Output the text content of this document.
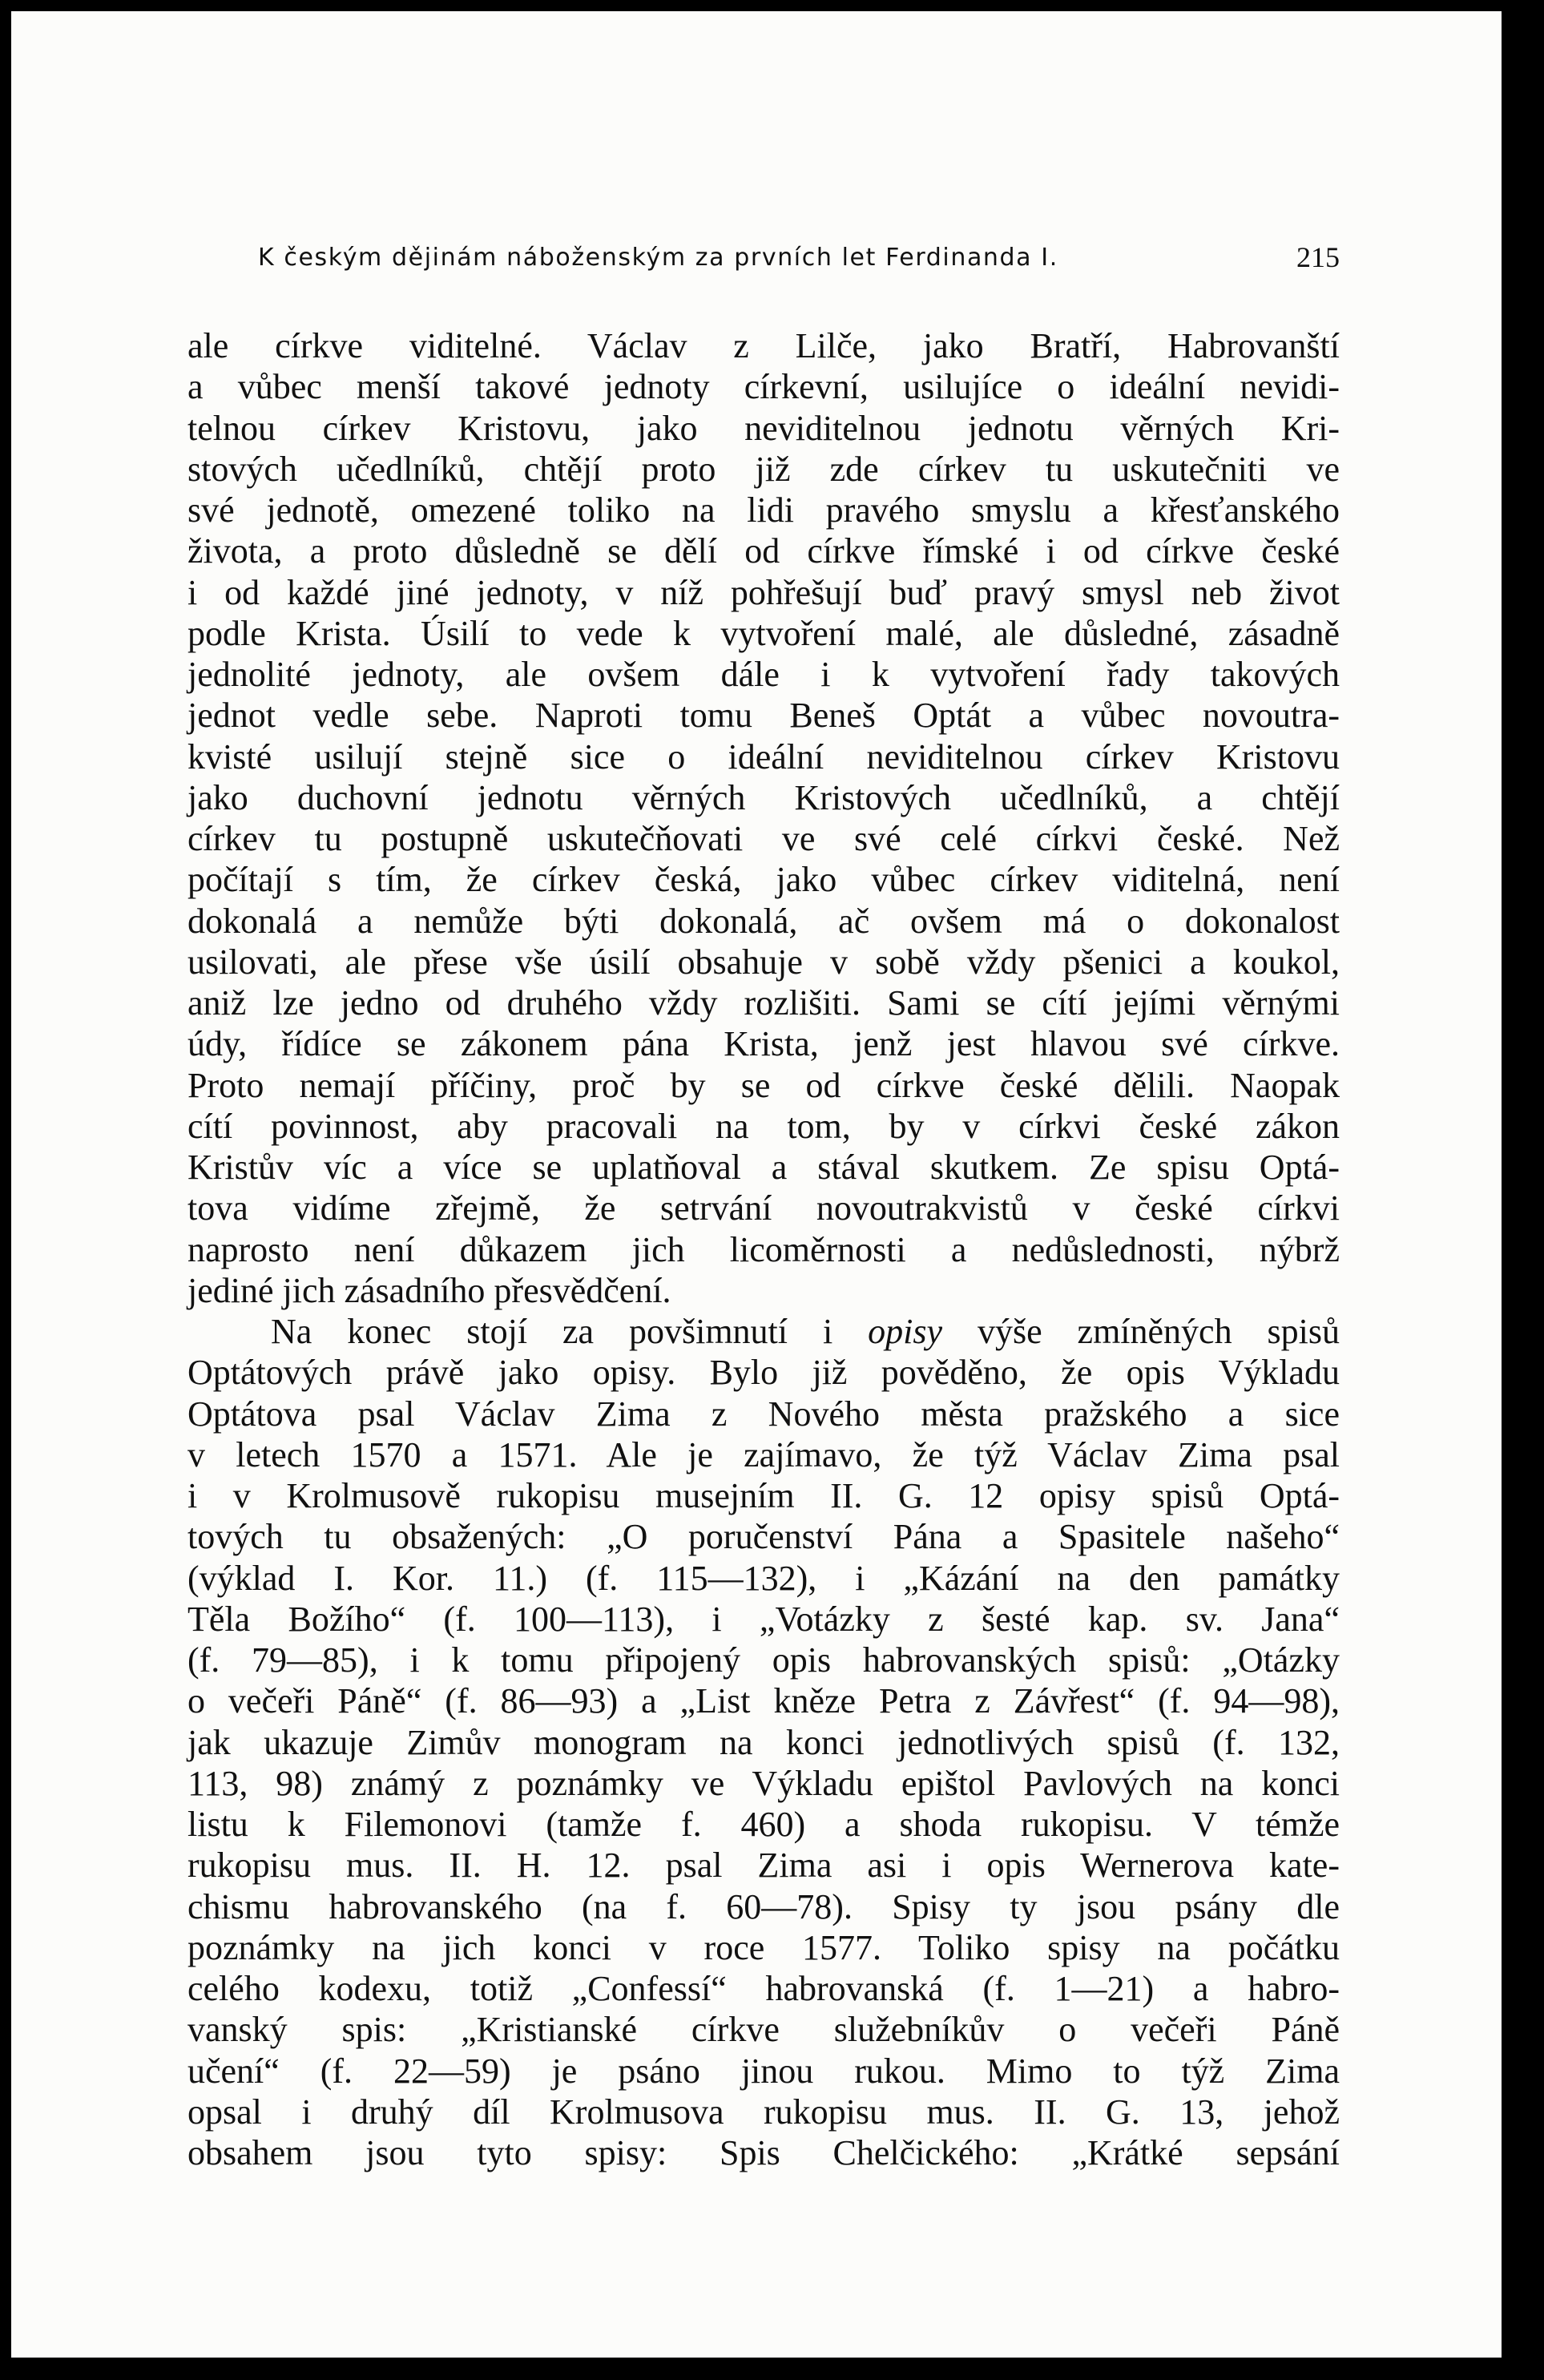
K českým dějinám náboženským za prvních let Ferdinanda I.	215
ale církve viditelné. Václav z Lilče, jako Bratří, Habrovanští
a vůbec menší takové jednoty církevní, usilujíce o ideální nevidi-
telnou církev Kristovu, jako neviditelnou jednotu věrných Kri-
stových učedlníků, chtějí proto již zde církev tu uskutečniti ve
své jednotě, omezené toliko na lidi pravého smyslu a křesťanského
života, a proto důsledně se dělí od církve římské i od církve české
i od každé jiné jednoty, v níž pohřešují buď pravý smysl neb život
podle Krista. Úsilí to vede k vytvoření malé, ale důsledné, zásadně
jednolité jednoty, ale ovšem dále i k vytvoření řady takových
jednot vedle sebe. Naproti tomu Beneš Optát a vůbec novoutra-
kvisté usilují stejně sice o ideální neviditelnou církev Kristovu
jako duchovní jednotu věrných Kristových učedlníků, a chtějí
církev tu postupně uskutečňovati ve své celé církvi české. Než
počítají s tím, že církev česká, jako vůbec církev viditelná, není
dokonalá a nemůže býti dokonalá, ač ovšem má o dokonalost
usilovati, ale přese vše úsilí obsahuje v sobě vždy pšenici a koukol,
aniž lze jedno od druhého vždy rozlišiti. Sami se cítí jejími věrnými
údy, řídíce se zákonem pána Krista, jenž jest hlavou své církve.
Proto nemají příčiny, proč by se od církve české dělili. Naopak
cítí povinnost, aby pracovali na tom, by v církvi české zákon
Kristův víc a více se uplatňoval a stával skutkem. Ze spisu Optá-
tova vidíme zřejmě, že setrvání novoutrakvistů v české církvi
naprosto není důkazem jich licoměrnosti a nedůslednosti, nýbrž
jediné jich zásadního přesvědčení.
Na konec stojí za povšimnutí i opisy výše zmíněných spisů
Optátových právě jako opisy. Bylo již pověděno, že opis Výkladu
Optátova psal Václav Zima z Nového města pražského a sice
v letech 1570 a 1571. Ale je zajímavo, že týž Václav Zima psal
i v Krolmusově rukopisu musejním II. G. 12 opisy spisů Optá-
tových tu obsažených: „O poručenství Pána a Spasitele našeho“
(výklad I. Kor. 11.) (f. 115—132), i „Kázání na den památky
Těla Božího“ (f. 100—113), i „Votázky z šesté kap. sv. Jana“
(f. 79—85), i k tomu připojený opis habrovanských spisů: „Otázky
o večeři Páně“ (f. 86—93) a „List kněze Petra z Závřest“ (f. 94—98),
jak ukazuje Zimův monogram na konci jednotlivých spisů (f. 132,
113, 98) známý z poznámky ve Výkladu epištol Pavlových na konci
listu k Filemonovi (tamže f. 460) a shoda rukopisu. V témže
rukopisu mus. II. H. 12. psal Zima asi i opis Wernerova kate-
chismu habrovanského (na f. 60—78). Spisy ty jsou psány dle
poznámky na jich konci v roce 1577. Toliko spisy na počátku
celého kodexu, totiž „Confessí“ habrovanská (f. 1—21) a habro-
vanský spis: „Kristianské církve služebníkův o večeři Páně
učení“ (f. 22—59) je psáno jinou rukou. Mimo to týž Zima
opsal i druhý díl Krolmusova rukopisu mus. II. G. 13, jehož
obsahem jsou tyto spisy: Spis Chelčického: „Krátké sepsání
